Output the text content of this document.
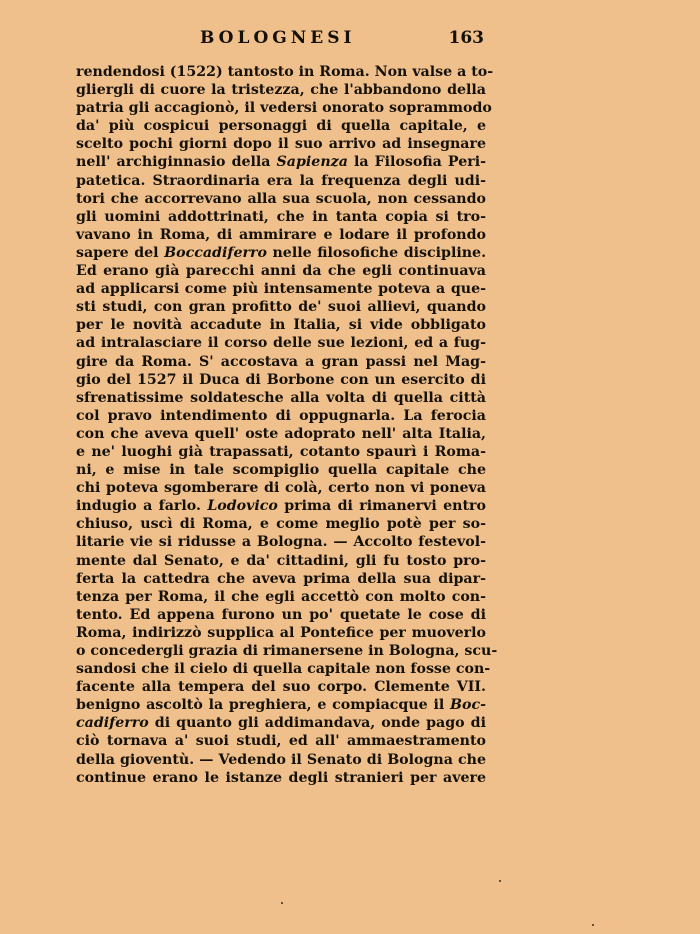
BOLOGNESI	163
rendendosi (1522) tantosto in Roma. Non valse a to-
gliergli di cuore la tristezza, che l'abbandono della
patria gli accagionò, il vedersi onorato soprammodo
da' più cospicui personaggi di quella capitale, e
scelto pochi giorni dopo il suo arrivo ad insegnare
nell' archiginnasio della Sapienza la Filosofia Peri-
patetica. Straordinaria era la frequenza degli udi-
tori che accorrevano alla sua scuola, non cessando
gli uomini addottrinati, che in tanta copia si tro-
vavano in Roma, di ammirare e lodare il profondo
sapere del Boccadiferro nelle filosofiche discipline.
Ed erano già parecchi anni da che egli continuava
ad applicarsi come più intensamente poteva a que-
sti studi, con gran profitto de' suoi allievi, quando
per le novità accadute in Italia, si vide obbligato
ad intralasciare il corso delle sue lezioni, ed a fug-
gire da Roma. S' accostava a gran passi nel Mag-
gio del 1527 il Duca di Borbone con un esercito di
sfrenatissime soldatesche alla volta di quella città
col pravo intendimento di oppugnarla. La ferocia
con che aveva quell' oste adoprato nell' alta Italia,
e ne' luoghi già trapassati, cotanto spaurì i Roma-
ni, e mise in tale scompiglio quella capitale che
chi poteva sgomberare di colà, certo non vi poneva
indugio a farlo. Lodovico prima di rimanervi entro
chiuso, uscì di Roma, e come meglio potè per so-
litarie vie si ridusse a Bologna. — Accolto festevol-
mente dal Senato, e da' cittadini, gli fu tosto pro-
ferta la cattedra che aveva prima della sua dipar-
tenza per Roma, il che egli accettò con molto con-
tento. Ed appena furono un po' quetate le cose di
Roma, indirizzò supplica al Pontefice per muoverlo
o concedergli grazia di rimanersene in Bologna, scu-
sandosi che il cielo di quella capitale non fosse con-
facente alla tempera del suo corpo. Clemente VII.
benigno ascoltò la preghiera, e compiacque il Boc-
cadiferro di quanto gli addimandava, onde pago di
ciò tornava a' suoi studi, ed all' ammaestramento
della gioventù. — Vedendo il Senato di Bologna che
continue erano le istanze degli stranieri per avere
